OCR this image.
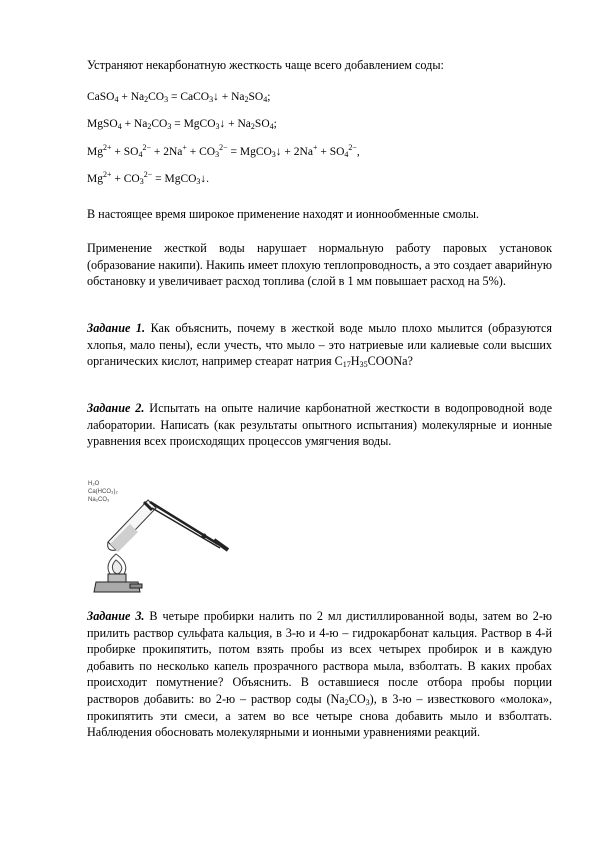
Устраняют некарбонатную жесткость чаще всего добавлением соды:

CaSO$_4$ + $Na_2CO_3$ = CaCO$_3$↓ + $Na_2SO_4$;
MgSO$_4$ + $Na_2CO_3$ = MgCO$_3$↓ + $Na_2SO_4$;
$Mg^{2+} + SO_4^{2-} + 2Na^+ + CO_3^{2-}$ = MgCO$_3$↓ + $2Na^+ + SO_4^{2-}$,
$Mg^{2+} + CO_3^{2-}$ = MgCO$_3$↓.

В настоящее время широкое применение находят и ионнообменные смолы.

Применение жесткой воды нарушает нормальную работу паровых установок (образование накипи). Накипь имеет плохую теплопроводность, а это создает аварийную обстановку и увеличивает расход топлива (слой в 1 мм повышает расход на 5%).

Задание 1. Как объяснить, почему в жесткой воде мыло плохо мылится (образуются хлопья, мало пены), если учесть, что мыло – это натриевые или калиевые соли высших органических кислот, например стеарат натрия $C_{17}H_{35}COONa$?

Задание 2. Испытать на опыте наличие карбонатной жесткости в водопроводной воде лаборатории. Написать (как результаты опытного испытания) молекулярные и ионные уравнения всех происходящих процессов умягчения воды.

H₂O
Ca(HCO₃)₂
Na₂CO₃

Задание 3. В четыре пробирки налить по 2 мл дистиллированной воды, затем во 2-ю прилить раствор сульфата кальция, в 3-ю и 4-ю – гидрокарбонат кальция. Раствор в 4-й пробирке прокипятить, потом взять пробы из всех четырех пробирок и в каждую добавить по несколько капель прозрачного раствора мыла, взболтать. В каких пробах происходит помутнение? Объяснить. В оставшиеся после отбора пробы порции растворов добавить: во 2-ю – раствор соды $(Na_2CO_3)$, в 3-ю – известкового «молока», прокипятить эти смеси, а затем во все четыре снова добавить мыло и взболтать. Наблюдения обосновать молекулярными и ионными уравнениями реакций.
